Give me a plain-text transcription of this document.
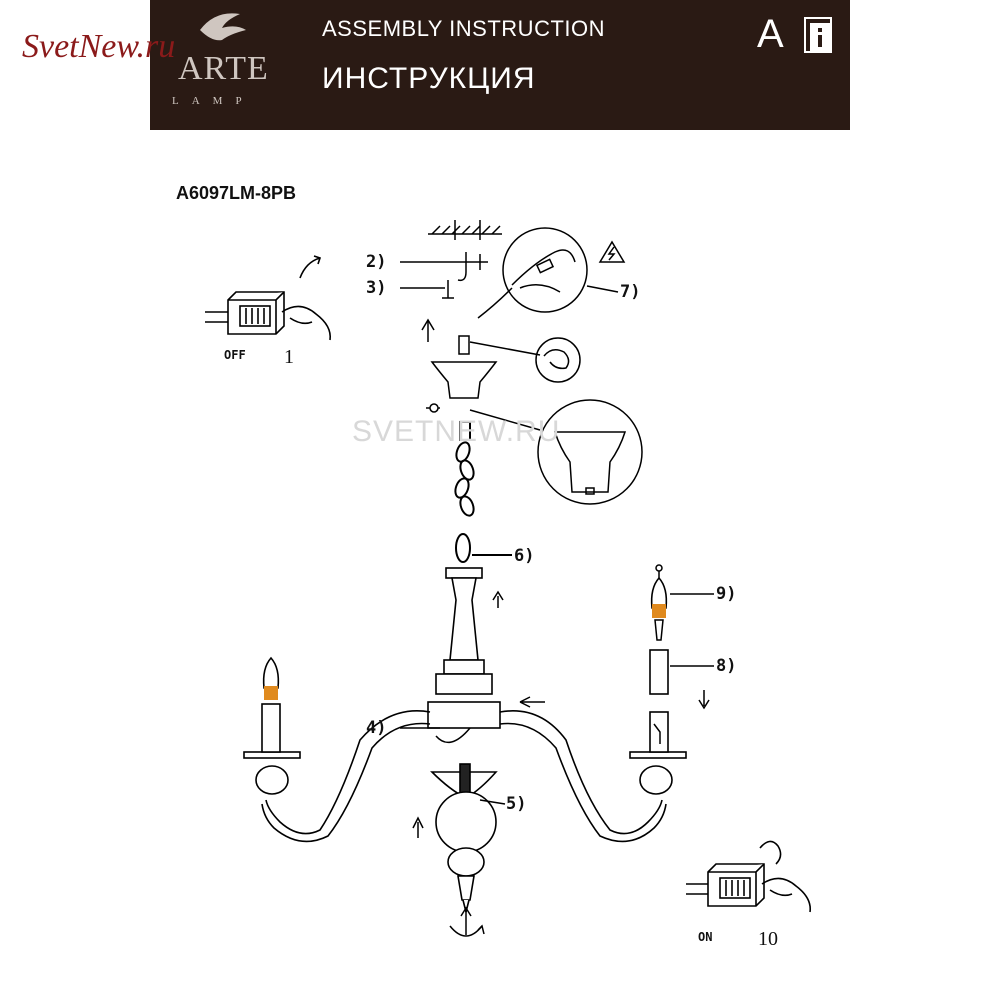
ARTE
LAMP
ASSEMBLY INSTRUCTION
ИНСТРУКЦИЯ
A
SvetNew.ru
SVETNEW.RU
A6097LM-8PB
2)
3)	7)
6)
9)
8)
4)
5)
OFF 1
ON 10
